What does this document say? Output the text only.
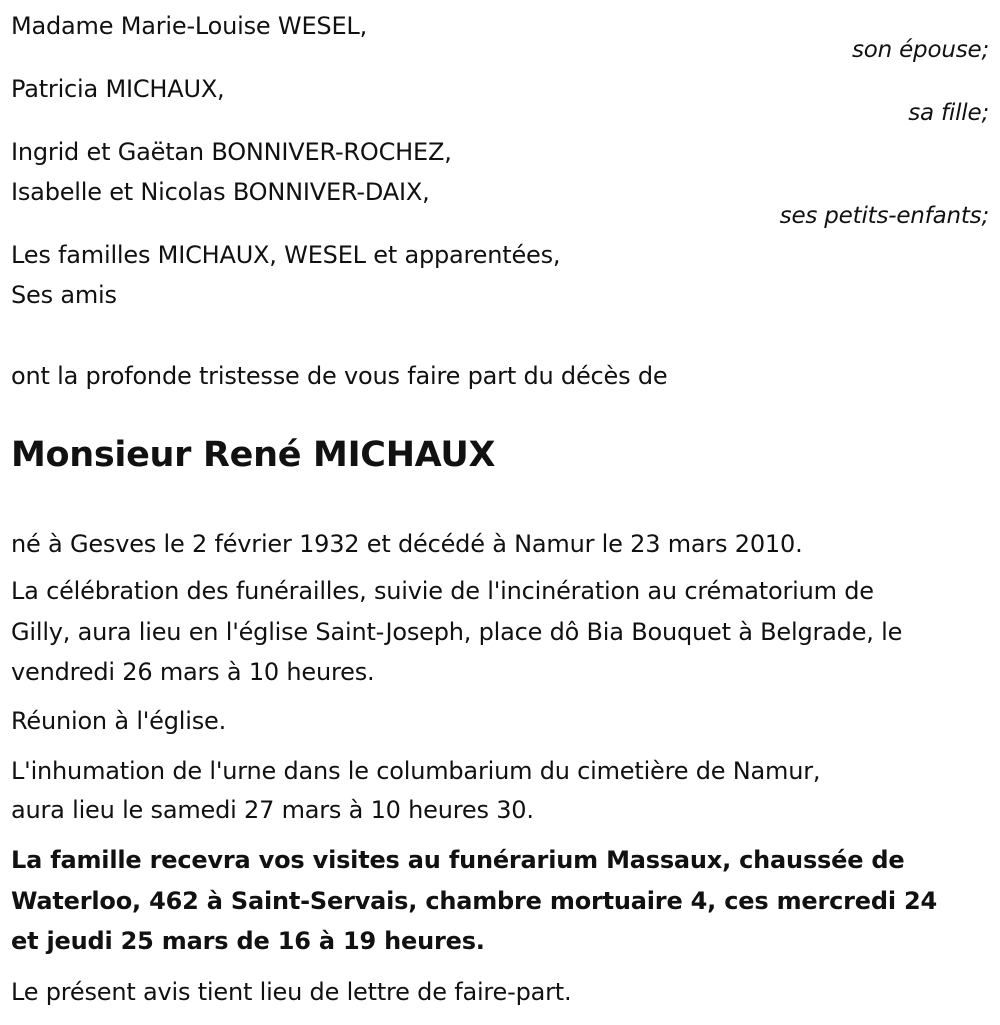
Madame Marie-Louise WESEL,
son épouse;
Patricia MICHAUX,
sa fille;
Ingrid et Gaëtan BONNIVER-ROCHEZ,
Isabelle et Nicolas BONNIVER-DAIX,
ses petits-enfants;
Les familles MICHAUX, WESEL et apparentées,
Ses amis
ont la profonde tristesse de vous faire part du décès de
Monsieur René MICHAUX
né à Gesves le 2 février 1932 et décédé à Namur le 23 mars 2010.
La célébration des funérailles, suivie de l'incinération au crématorium de
Gilly, aura lieu en l'église Saint-Joseph, place dô Bia Bouquet à Belgrade, le
vendredi 26 mars à 10 heures.
Réunion à l'église.
L'inhumation de l'urne dans le columbarium du cimetière de Namur,
aura lieu le samedi 27 mars à 10 heures 30.
La famille recevra vos visites au funérarium Massaux, chaussée de
Waterloo, 462 à Saint-Servais, chambre mortuaire 4, ces mercredi 24
et jeudi 25 mars de 16 à 19 heures.
Le présent avis tient lieu de lettre de faire-part.
